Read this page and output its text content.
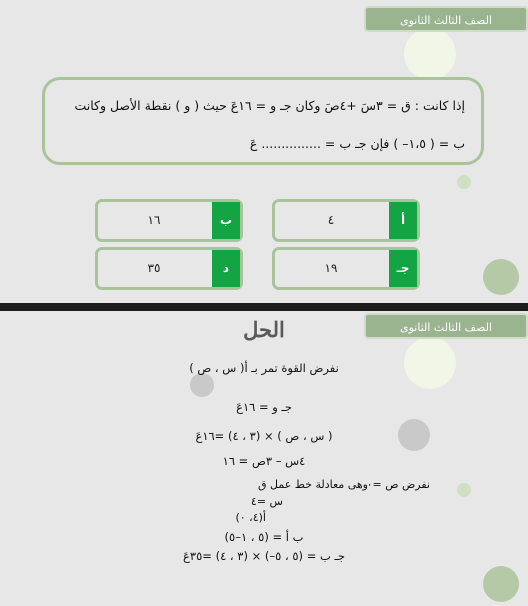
الصف الثالث الثانوى
إذا كانت : ق = ٣سَ +٤صَ وكان جـ و = ١٦عَ حيث ( و ) نقطة الأصل وكانت
ب = ( ١،٥– ) فإن جـ ب = ............... عَ
١٦	ب	٤	أ
٣٥	د	١٩	جـ
الصف الثالث الثانوى
الحل
نفرض القوة تمر بـ أ( س ، ص )
جـ و = ١٦عَ
( س ، ص ) × (٣ ، ٤) =١٦عَ
٤س – ٣ص = ١٦
وهى معادلة خط عمل ق
نفرض ص =٠
س =٤
أ(٤، ٠)
ب أ = (٥ ، ١–٥)
جـ ب = (٥ ، ٥–) × (٣ ، ٤) =٣٥عَ
